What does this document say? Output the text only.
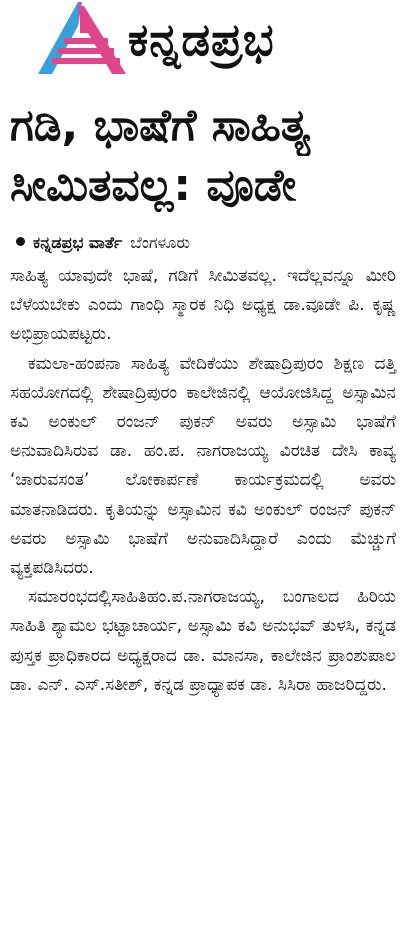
ಕನ್ನಡಪ್ರಭ
ಗಡಿ, ಭಾಷೆಗೆ ಸಾಹಿತ್ಯ
ಸೀಮಿತವಲ್ಲ: ವೂಡೇ
ಕನ್ನಡಪ್ರಭ ವಾರ್ತೆ ಬೆಂಗಳೂರು

ಸಾಹಿತ್ಯ ಯಾವುದೇ ಭಾಷೆ, ಗಡಿಗೆ ಸೀಮಿತವಲ್ಲ. ಇದೆಲ್ಲವನ್ನೂ ಮೀರಿ ಬೆಳೆಯಬೇಕು ಎಂದು ಗಾಂಧಿ ಸ್ಮಾರಕ ನಿಧಿ ಅಧ್ಯಕ್ಷ ಡಾ.ವೂಡೇ ಪಿ. ಕೃಷ್ಣ ಅಭಿಪ್ರಾಯಪಟ್ಟರು.

ಕಮಲಾ-ಹಂಪನಾ ಸಾಹಿತ್ಯ ವೇದಿಕೆಯು ಶೇಷಾದ್ರಿಪುರಂ ಶಿಕ್ಷಣ ದತ್ತಿ ಸಹಯೋಗದಲ್ಲಿ ಶೇಷಾದ್ರಿಪುರಂ ಕಾಲೇಜಿನಲ್ಲಿ ಆಯೋಜಿಸಿದ್ದ ಅಸ್ಸಾಮಿನ ಕವಿ ಅಂಕುಲ್ ರಂಜನ್ ಪುಕನ್ ಅವರು ಅಸ್ಸಾಮಿ ಭಾಷೆಗೆ ಅನುವಾದಿಸಿರುವ ಡಾ. ಹಂ.ಪ. ನಾಗರಾಜಯ್ಯ ವಿರಚಿತ ದೇಸಿ ಕಾವ್ಯ ‘ಚಾರುವಸಂತ’ ಲೋಕಾರ್ಪಣೆ ಕಾರ್ಯಕ್ರಮದಲ್ಲಿ ಅವರು ಮಾತನಾಡಿದರು. ಕೃತಿಯನ್ನು ಅಸ್ಸಾಮಿನ ಕವಿ ಅಂಕುಲ್ ರಂಜನ್ ಪುಕನ್ ಅವರು ಅಸ್ಸಾಮಿ ಭಾಷೆಗೆ ಅನುವಾದಿಸಿದ್ದಾರೆ ಎಂದು ಮೆಚ್ಚುಗೆ ವ್ಯಕ್ತಪಡಿಸಿದರು.

ಸಮಾರಂಭದಲ್ಲಿಸಾಹಿತಿಹಂ.ಪ.ನಾಗರಾಜಯ್ಯ, ಬಂಗಾಲದ ಹಿರಿಯ ಸಾಹಿತಿ ಶ್ಯಾಮಲ ಭಟ್ಟಾಚಾರ್ಯ, ಅಸ್ಸಾಮಿ ಕವಿ ಅನುಭವ್ ತುಳಸಿ, ಕನ್ನಡ ಪುಸ್ತಕ ಪ್ರಾಧಿಕಾರದ ಅಧ್ಯಕ್ಷರಾದ ಡಾ. ಮಾನಸಾ, ಕಾಲೇಜಿನ ಪ್ರಾಂಶುಪಾಲ ಡಾ. ಎನ್. ಎಸ್.ಸತೀಶ್, ಕನ್ನಡ ಪ್ರಾಧ್ಯಾಪಕ ಡಾ. ಸಿಸಿರಾ ಹಾಜರಿದ್ದರು.
